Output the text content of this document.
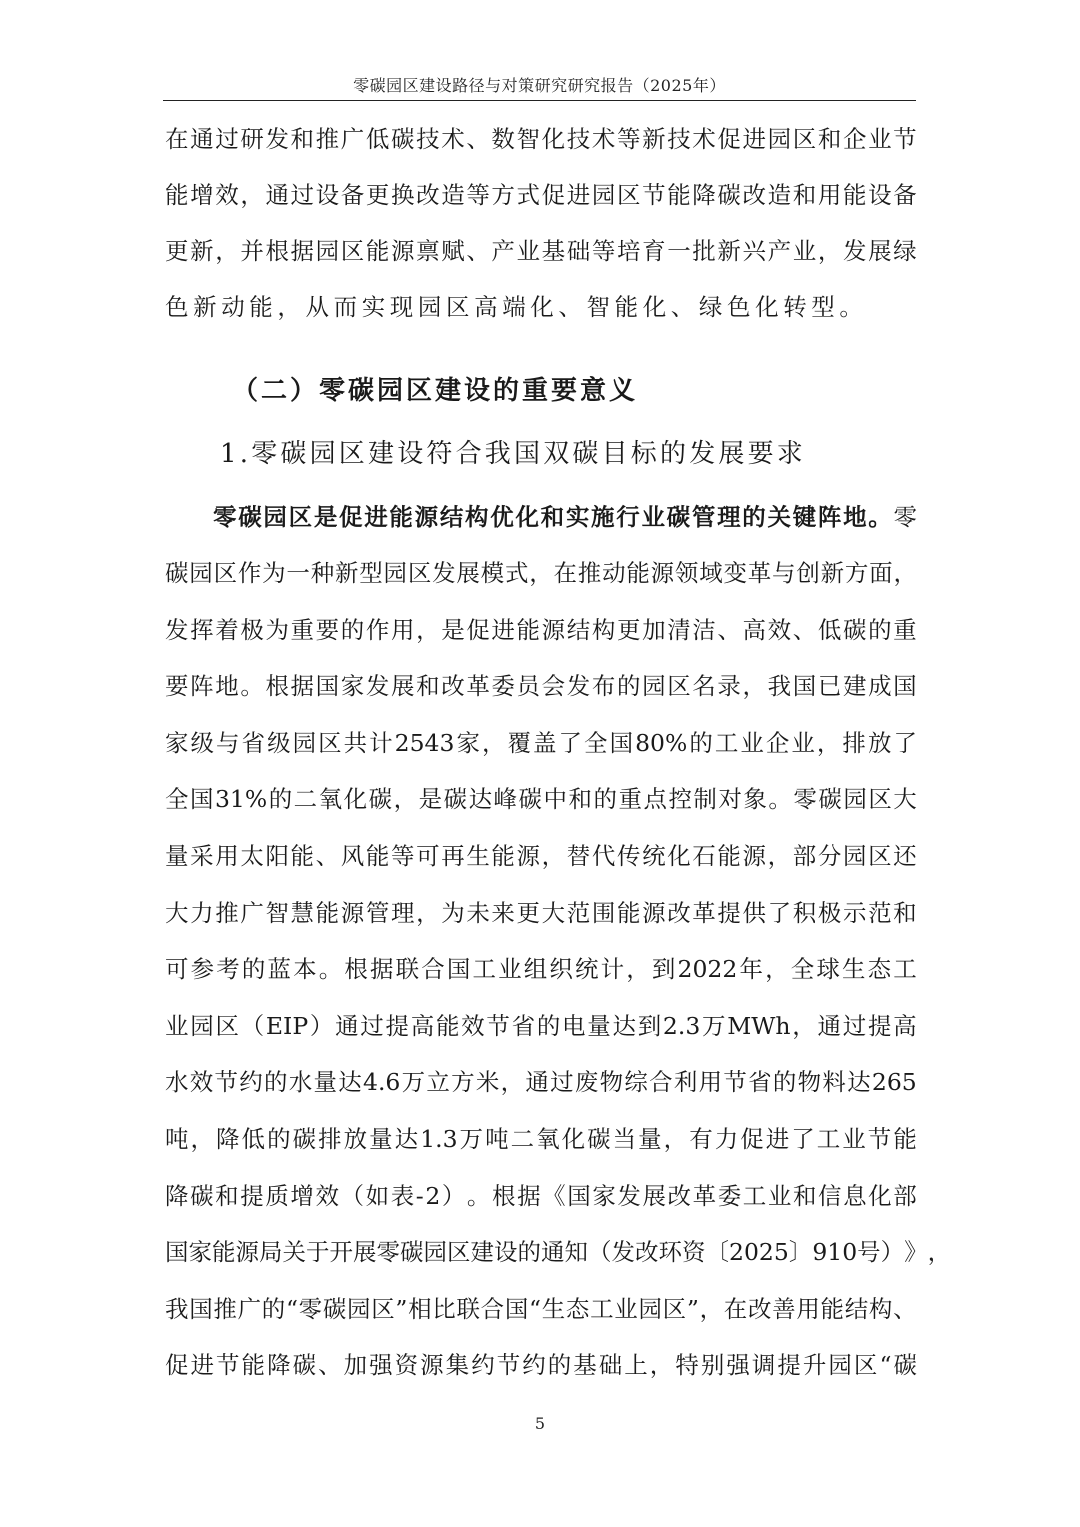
零碳园区建设路径与对策研究研究报告（2025年）
在 通 过 研 发 和 推 广 低 碳 技 术 、 数 智 化 技 术 等 新 技 术 促 进 园 区 和 企 业 节
能 增 效 ， 通 过 设 备 更 换 改 造 等 方 式 促 进 园 区 节 能 降 碳 改 造 和 用 能 设 备
更 新 ， 并 根 据 园 区 能 源 禀 赋 、 产 业 基 础 等 培 育 一 批 新 兴 产 业 ， 发 展 绿
色新动能，从而实现园区高端化、智能化、绿色化转型。
（二）零碳园区建设的重要意义
1.零碳园区建设符合我国双碳目标的发展要求
零 碳 园 区 是 促 进 能 源 结 构 优 化 和 实 施 行 业 碳 管 理 的 关 键 阵 地 。 零
碳 园 区 作 为 一 种 新 型 园 区 发 展 模 式 ， 在 推 动 能 源 领 域 变 革 与 创 新 方 面 ，
发 挥 着 极 为 重 要 的 作 用 ， 是 促 进 能 源 结 构 更 加 清 洁 、 高 效 、 低 碳 的 重
要 阵 地 。 根 据 国 家 发 展 和 改 革 委 员 会 发 布 的 园 区 名 录 ， 我 国 已 建 成 国
家 级 与 省 级 园 区 共 计 2543 家 ， 覆 盖 了 全 国 80% 的 工 业 企 业 ， 排 放 了
全 国 31% 的 二 氧 化 碳 ， 是 碳 达 峰 碳 中 和 的 重 点 控 制 对 象 。 零 碳 园 区 大
量 采 用 太 阳 能 、 风 能 等 可 再 生 能 源 ， 替 代 传 统 化 石 能 源 ， 部 分 园 区 还
大 力 推 广 智 慧 能 源 管 理 ， 为 未 来 更 大 范 围 能 源 改 革 提 供 了 积 极 示 范 和
可 参 考 的 蓝 本 。 根 据 联 合 国 工 业 组 织 统 计 ， 到 2022 年 ， 全 球 生 态 工
业 园 区 （ EIP ） 通 过 提 高 能 效 节 省 的 电 量 达 到 2.3 万 MWh ， 通 过 提 高
水 效 节 约 的 水 量 达 4.6 万 立 方 米 ， 通 过 废 物 综 合 利 用 节 省 的 物 料 达 265
吨 ， 降 低 的 碳 排 放 量 达 1.3 万 吨 二 氧 化 碳 当 量 ， 有 力 促 进 了 工 业 节 能
降 碳 和 提 质 增 效 （ 如 表 - 2 ） 。 根 据 《 国 家 发 展 改 革 委 工 业 和 信 息 化 部
国 家 能 源 局 关 于 开 展 零 碳 园 区 建 设 的 通 知 （ 发 改 环 资 〔 2025 〕 910 号 ） 》 ，
我 国 推 广 的 “ 零 碳 园 区 ” 相 比 联 合 国 “ 生 态 工 业 园 区 ” ， 在 改 善 用 能 结 构 、
促 进 节 能 降 碳 、 加 强 资 源 集 约 节 约 的 基 础 上 ， 特 别 强 调 提 升 园 区 “ 碳
5
